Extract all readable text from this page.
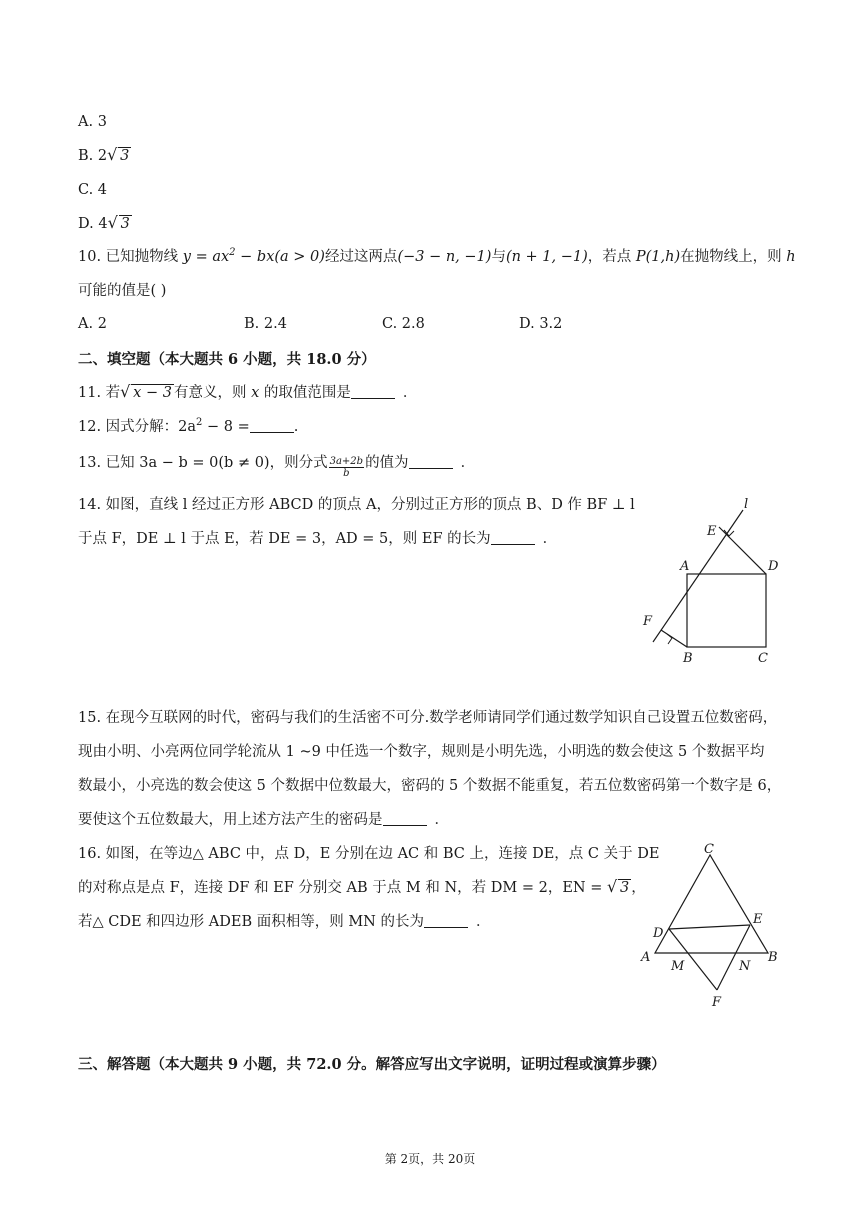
A. 3
B. 2 √ 3
C. 4
D. 4 √ 3
10. 已知抛物线 $y = ax^2 - bx(a > 0)$经过这两点(−3 − n, −1)与(n + 1, −1)，若点 P(1,h)在抛物线上，则 h
可能的值是( )
A. 2	B. 2.4	C. 2.8	D. 3.2
二、填空题（本大题共 6 小题，共 18.0 分）
11. 若 √ x − 3 有意义，则 x 的取值范围是	．
12. 因式分解：$2a^2 - 8$ =	.
13. 已知 3a − b = 0(b ≠ 0)，则分式 $\frac{3a+2b}{b}$ 的值为	．
14. 如图，直线 l 经过正方形 ABCD 的顶点 A，分别过正方形的顶点 B、D 作 BF ⊥ l
于点 F，DE ⊥ l 于点 E，若 DE = 3，AD = 5，则 EF 的长为	．
l
E
A	D
F
B	C
15. 在现今互联网的时代，密码与我们的生活密不可分.数学老师请同学们通过数学知识自己设置五位数密码，
现由小明、小亮两位同学轮流从 1 ~9 中任选一个数字，规则是小明先选，小明选的数会使这 5 个数据平均
数最小，小亮选的数会使这 5 个数据中位数最大，密码的 5 个数据不能重复，若五位数密码第一个数字是 6，
要使这个五位数最大，用上述方法产生的密码是	．
16. 如图，在等边△ ABC 中，点 D，E 分别在边 AC 和 BC 上，连接 DE，点 C 关于 DE
的对称点是点 F，连接 DF 和 EF 分别交 AB 于点 M 和 N，若 DM = 2，EN = √ 3 ，
若△ CDE 和四边形 ADEB 面积相等，则 MN 的长为	．
C
D
E
A
M	N
B
F
三、解答题（本大题共 9 小题，共 72.0 分。解答应写出文字说明，证明过程或演算步骤）
第 2页，共 20页
